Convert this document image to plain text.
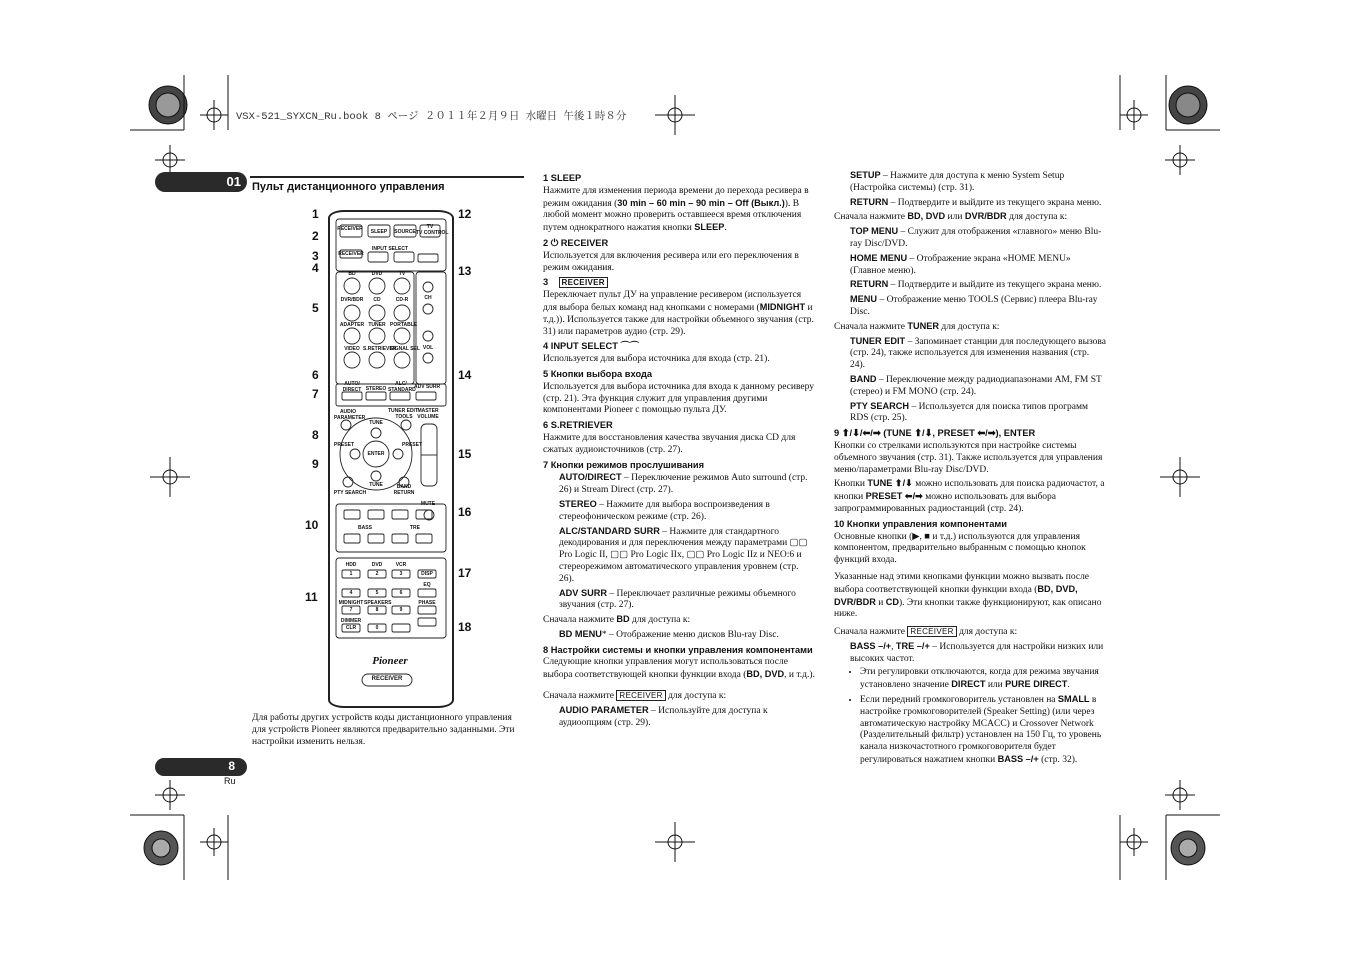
VSX-521_SYXCN_Ru.book 8 ページ ２０１１年２月９日 水曜日 午後１時８分
01 Пульт дистанционного управления
RECEIVER	SLEEP	SOURCE
TV
TV CONTROL
RECEIVER
INPUT SELECT
BD	DVD	TV
DVR/BDR	CD	CD-R
ADAPTER TUNER PORTABLE
VIDEO S.RETRIEVER
SIGNAL SEL
CH
VOL
AUTO/ DIRECT STEREO
ALC/ STANDARD
ADV SURR
AUDIO PARAMETER
TUNER EDIT
TOOLS
MASTER VOLUME
TUNE
TUNE
ENTER
PRESET	PRESET
PTY SEARCH	RETURN
BAND
MUTE
BASS	TRE
HDD	DVD	VCR
DISP
EQ
MIDNIGHT SPEAKERS	PHASE
DIMMER
CLR
1	2	3
4	5	6
7	8	9
0
Pioneer
RECEIVER
1
2
3
4
5
6
7
8
9
10
11
12
13
14
15
16
17
18
Для работы других устройств коды дистанционного управления для устройств Pioneer являются предварительно заданными. Эти настройки изменить нельзя.
1 SLEEP

Нажмите для изменения периода времени до перехода ресивера в режим ожидания (30 min – 60 min – 90 min – Off (Выкл.)). В любой момент можно проверить оставшееся время отключения путем однократного нажатия кнопки SLEEP.

2 ⏻ RECEIVER

Используется для включения ресивера или его переключения в режим ожидания.

3 RECEIVER

Переключает пульт ДУ на управление ресивером (используется для выбора белых команд над кнопками с номерами (MIDNIGHT и т.д.)). Используется также для настройки объемного звучания (стр. 31) или параметров аудио (стр. 29).

4 INPUT SELECT ⌒⌒

Используется для выбора источника для входа (стр. 21).

5 Кнопки выбора входа

Используется для выбора источника для входа к данному ресиверу (стр. 21). Эта функция служит для управления другими компонентами Pioneer с помощью пульта ДУ.

6 S.RETRIEVER

Нажмите для восстановления качества звучания диска CD для сжатых аудиоисточников (стр. 27).

7 Кнопки режимов прослушивания

AUTO/DIRECT – Переключение режимов Auto surround (стр. 26) и Stream Direct (стр. 27).

STEREO – Нажмите для выбора воспроизведения в стереофоническом режиме (стр. 26).

ALC/STANDARD SURR – Нажмите для стандартного декодирования и для переключения между параметрами ▢▢ Pro Logic II, ▢▢ Pro Logic IIx, ▢▢ Pro Logic IIz и NEO:6 и стереорежимом автоматического управления уровнем (стр. 26).

ADV SURR – Переключает различные режимы объемного звучания (стр. 27).

Сначала нажмите BD для доступа к:

BD MENU* – Отображение меню дисков Blu-ray Disc.

8 Настройки системы и кнопки управления компонентами

Следующие кнопки управления могут использоваться после выбора соответствующей кнопки функции входа (BD, DVD, и т.д.).

Сначала нажмите RECEIVER для доступа к:

AUDIO PARAMETER – Используйте для доступа к аудиоопциям (стр. 29).

SETUP – Нажмите для доступа к меню System Setup (Настройка системы) (стр. 31).

RETURN – Подтвердите и выйдите из текущего экрана меню.

Сначала нажмите BD, DVD или DVR/BDR для доступа к:

TOP MENU – Служит для отображения «главного» меню Blu-ray Disc/DVD.

HOME MENU – Отображение экрана «HOME MENU» (Главное меню).

RETURN – Подтвердите и выйдите из текущего экрана меню.

MENU – Отображение меню TOOLS (Сервис) плеера Blu-ray Disc.

Сначала нажмите TUNER для доступа к:

TUNER EDIT – Запоминает станции для последующего вызова (стр. 24), также используется для изменения названия (стр. 24).

BAND – Переключение между радиодиапазонами AM, FM ST (стерео) и FM MONO (стр. 24).

PTY SEARCH – Используется для поиска типов программ RDS (стр. 25).

9 ⬆/⬇/⬅/➡ (TUNE ⬆/⬇, PRESET ⬅/➡), ENTER

Кнопки со стрелками используются при настройке системы объемного звучания (стр. 31). Также используется для управления меню/параметрами Blu-ray Disc/DVD.

Кнопки TUNE ⬆/⬇ можно использовать для поиска радиочастот, а кнопки PRESET ⬅/➡ можно использовать для выбора запрограммированных радиостанций (стр. 24).

10 Кнопки управления компонентами

Основные кнопки (▶, ■ и т.д.) используются для управления компонентом, предварительно выбранным с помощью кнопок функций входа.

Указанные над этими кнопками функции можно вызвать после выбора соответствующей кнопки функции входа (BD, DVD, DVR/BDR и CD). Эти кнопки также функционируют, как описано ниже.

Сначала нажмите RECEIVER для доступа к:

BASS –/+, TRE –/+ – Используется для настройки низких или высоких частот.

• Эти регулировки отключаются, когда для режима звучания установлено значение DIRECT или PURE DIRECT.
• Если передний громкоговоритель установлен на SMALL в настройке громкоговорителей (Speaker Setting) (или через автоматическую настройку MCACC) и Crossover Network (Разделительный фильтр) установлен на 150 Гц, то уровень канала низкочастотного громкоговорителя будет регулироваться нажатием кнопки BASS –/+ (стр. 32).
8
Ru
